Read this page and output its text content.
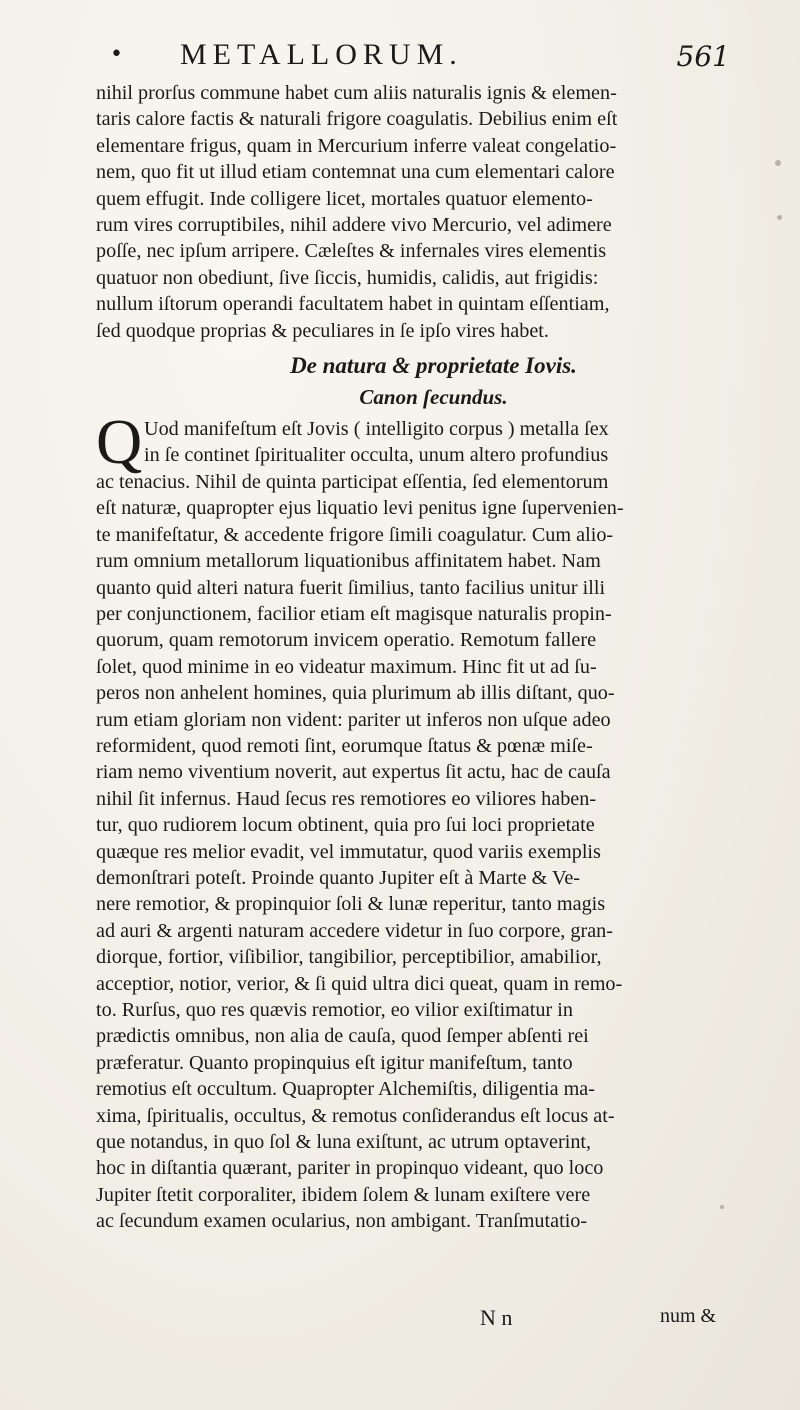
• METALLORUM.	561
nihil prorſus commune habet cum aliis naturalis ignis & elemen-
taris calore factis & naturali frigore coagulatis. Debilius enim eſt
elementare frigus, quam in Mercurium inferre valeat congelatio-
nem, quo fit ut illud etiam contemnat una cum elementari calore
quem effugit. Inde colligere licet, mortales quatuor elemento-
rum vires corruptibiles, nihil addere vivo Mercurio, vel adimere
poſſe, nec ipſum arripere. Cæleſtes & infernales vires elementis
quatuor non obediunt, ſive ſiccis, humidis, calidis, aut frigidis:
nullum iſtorum operandi facultatem habet in quintam eſſentiam,
ſed quodque proprias & peculiares in ſe ipſo vires habet.
De natura & proprietate Iovis.
Canon ſecundus.
Q Uod manifeſtum eſt Jovis ( intelligito corpus ) metalla ſex
in ſe continet ſpiritualiter occulta, unum altero profundius
ac tenacius. Nihil de quinta participat eſſentia, ſed elementorum
eſt naturæ, quapropter ejus liquatio levi penitus igne ſupervenien-
te manifeſtatur, & accedente frigore ſimili coagulatur. Cum alio-
rum omnium metallorum liquationibus affinitatem habet. Nam
quanto quid alteri natura fuerit ſimilius, tanto facilius unitur illi
per conjunctionem, facilior etiam eſt magisque naturalis propin-
quorum, quam remotorum invicem operatio. Remotum fallere
ſolet, quod minime in eo videatur maximum. Hinc fit ut ad ſu-
peros non anhelent homines, quia plurimum ab illis diſtant, quo-
rum etiam gloriam non vident: pariter ut inferos non uſque adeo
reformident, quod remoti ſint, eorumque ſtatus & pœnæ miſe-
riam nemo viventium noverit, aut expertus ſit actu, hac de cauſa
nihil ſit infernus. Haud ſecus res remotiores eo viliores haben-
tur, quo rudiorem locum obtinent, quia pro ſui loci proprietate
quæque res melior evadit, vel immutatur, quod variis exemplis
demonſtrari poteſt. Proinde quanto Jupiter eſt à Marte & Ve-
nere remotior, & propinquior ſoli & lunæ reperitur, tanto magis
ad auri & argenti naturam accedere videtur in ſuo corpore, gran-
diorque, fortior, viſibilior, tangibilior, perceptibilior, amabilior,
acceptior, notior, verior, & ſi quid ultra dici queat, quam in remo-
to. Rurſus, quo res quævis remotior, eo vilior exiſtimatur in
prædictis omnibus, non alia de cauſa, quod ſemper abſenti rei
præferatur. Quanto propinquius eſt igitur manifeſtum, tanto
remotius eſt occultum. Quapropter Alchemiſtis, diligentia ma-
xima, ſpiritualis, occultus, & remotus conſiderandus eſt locus at-
que notandus, in quo ſol & luna exiſtunt, ac utrum optaverint,
hoc in diſtantia quærant, pariter in propinquo videant, quo loco
Jupiter ſtetit corporaliter, ibidem ſolem & lunam exiſtere vere
ac ſecundum examen ocularius, non ambigant. Tranſmutatio-
N n	num &
